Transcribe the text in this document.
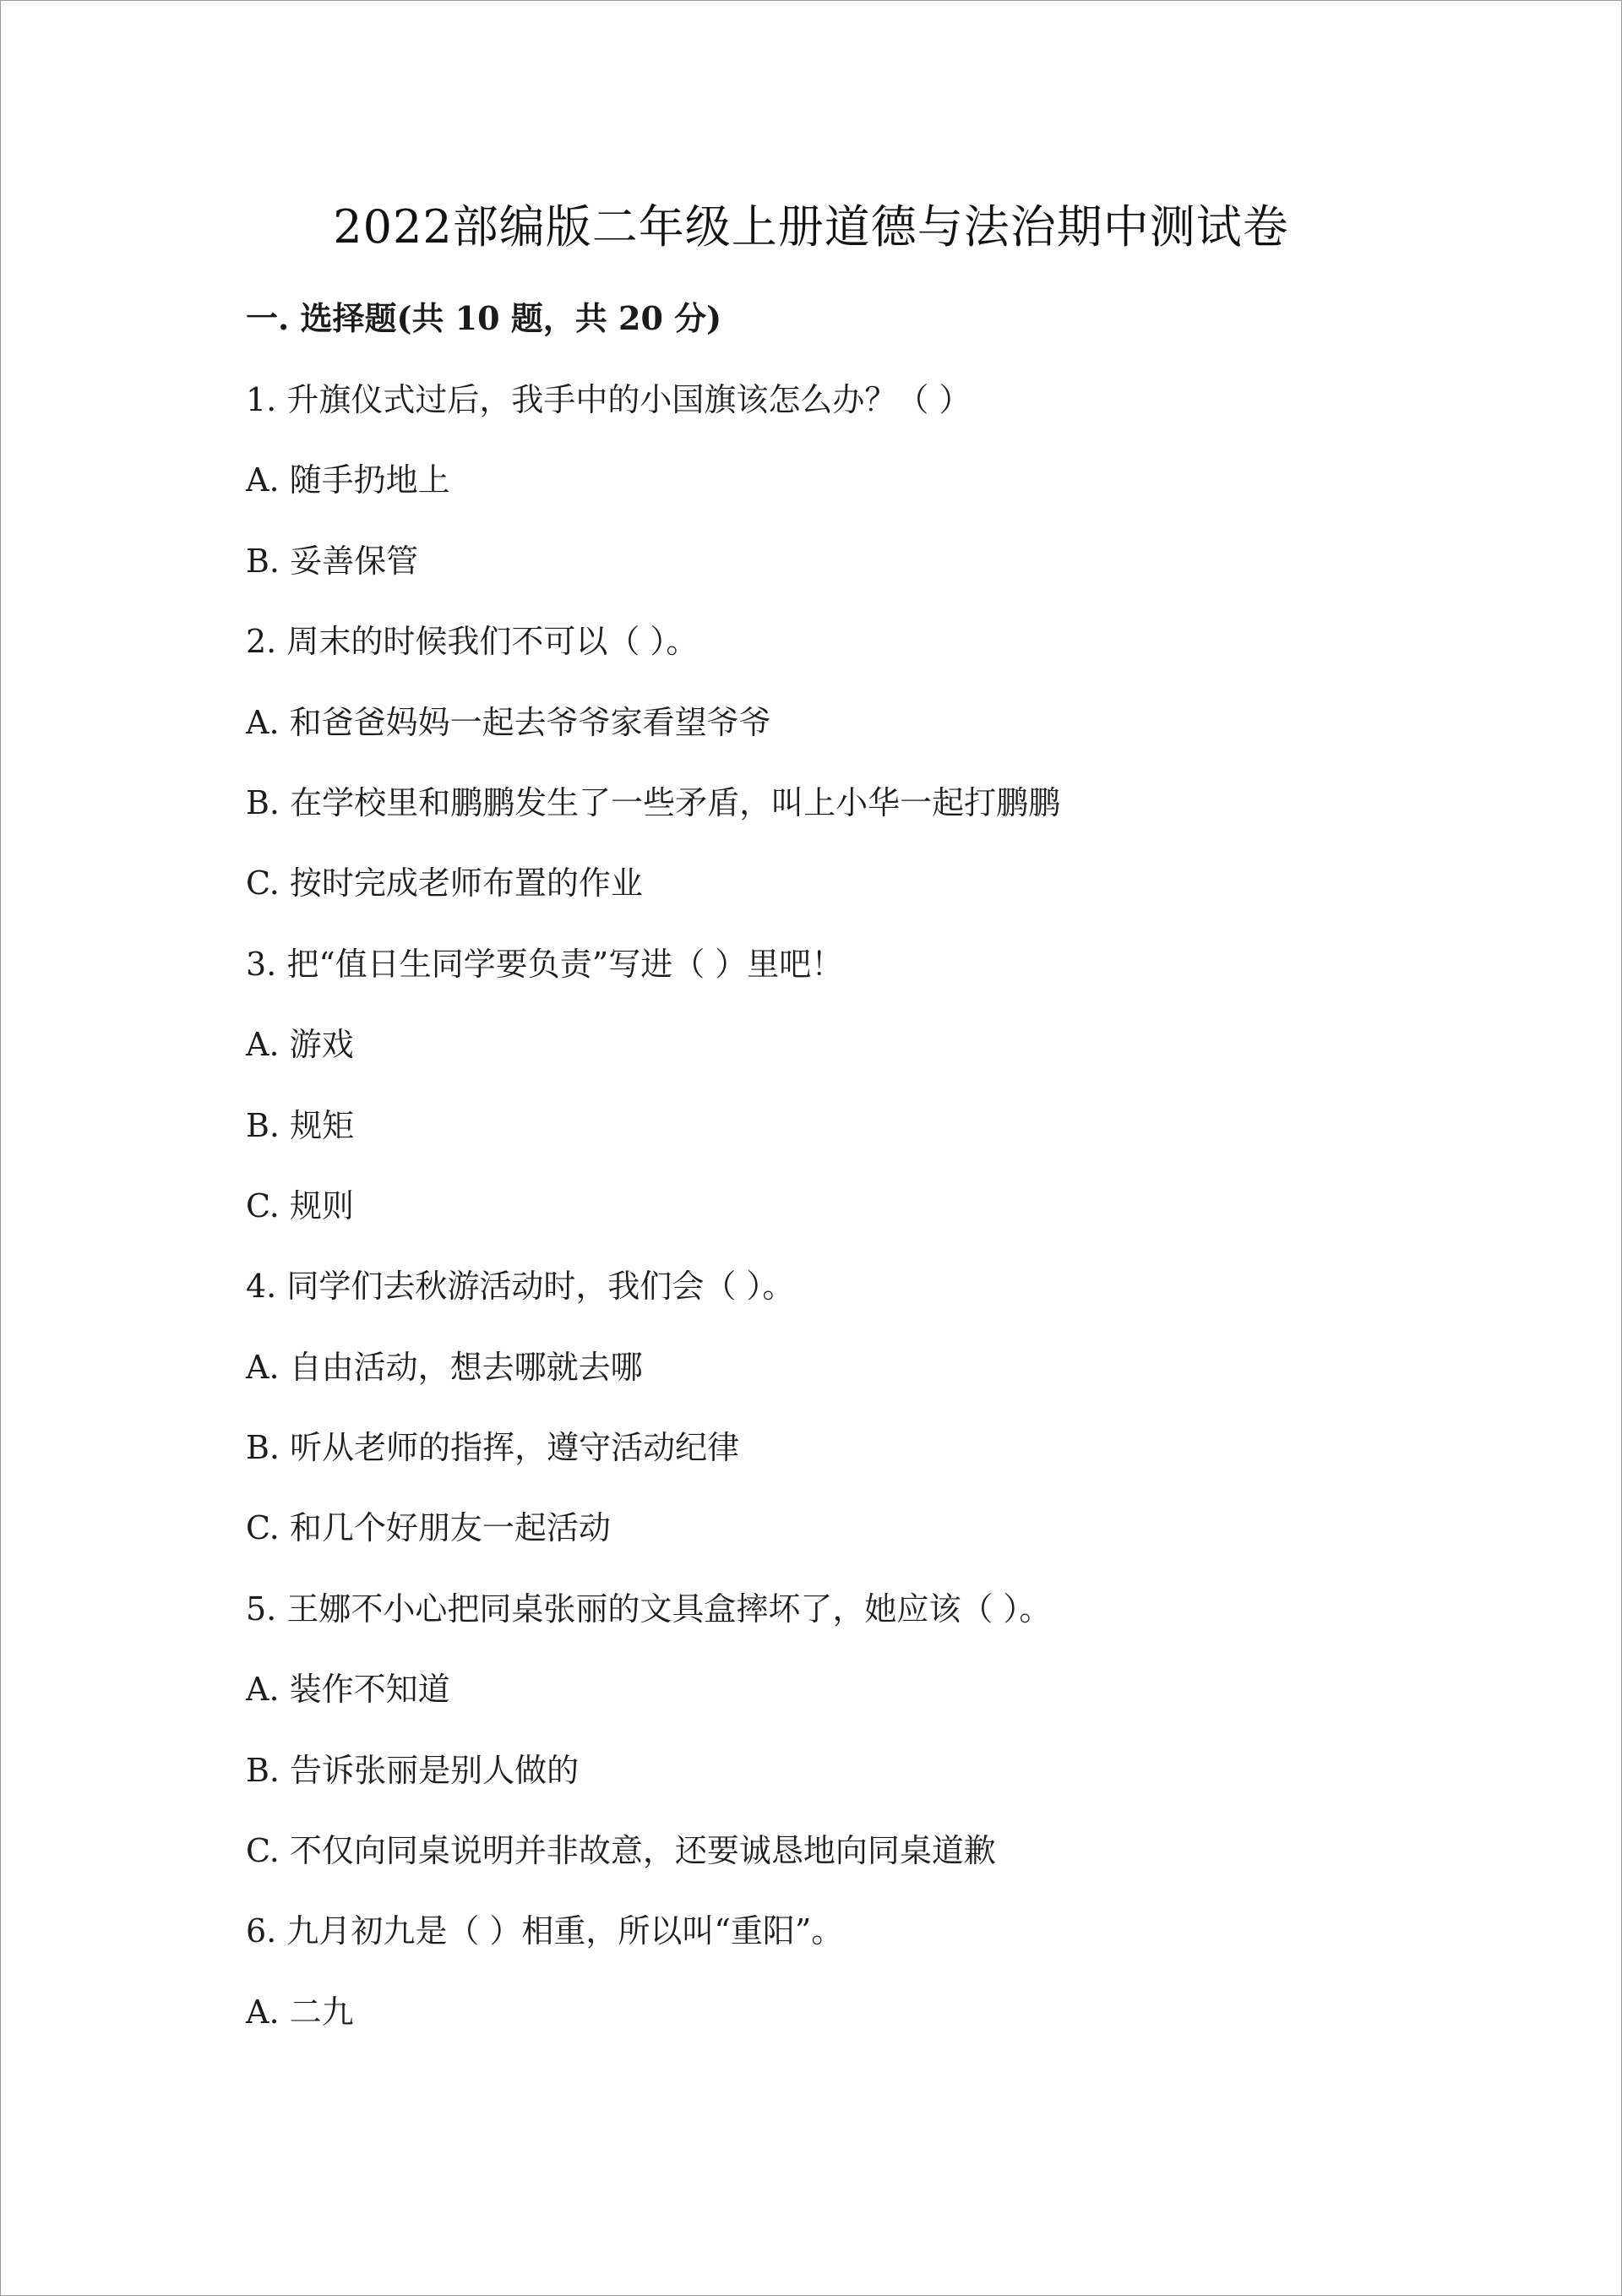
2022部编版二年级上册道德与法治期中测试卷
一. 选择题(共 10 题，共 20 分)
1. 升旗仪式过后，我手中的小国旗该怎么办？（ ）
A. 随手扔地上
B. 妥善保管
2. 周末的时候我们不可以（ ）。
A. 和爸爸妈妈一起去爷爷家看望爷爷
B. 在学校里和鹏鹏发生了一些矛盾，叫上小华一起打鹏鹏
C. 按时完成老师布置的作业
3. 把“值日生同学要负责”写进（ ）里吧！
A. 游戏
B. 规矩
C. 规则
4. 同学们去秋游活动时，我们会（ ）。
A. 自由活动，想去哪就去哪
B. 听从老师的指挥，遵守活动纪律
C. 和几个好朋友一起活动
5. 王娜不小心把同桌张丽的文具盒摔坏了，她应该（ ）。
A. 装作不知道
B. 告诉张丽是别人做的
C. 不仅向同桌说明并非故意，还要诚恳地向同桌道歉
6. 九月初九是（ ）相重，所以叫“重阳”。
A. 二九
